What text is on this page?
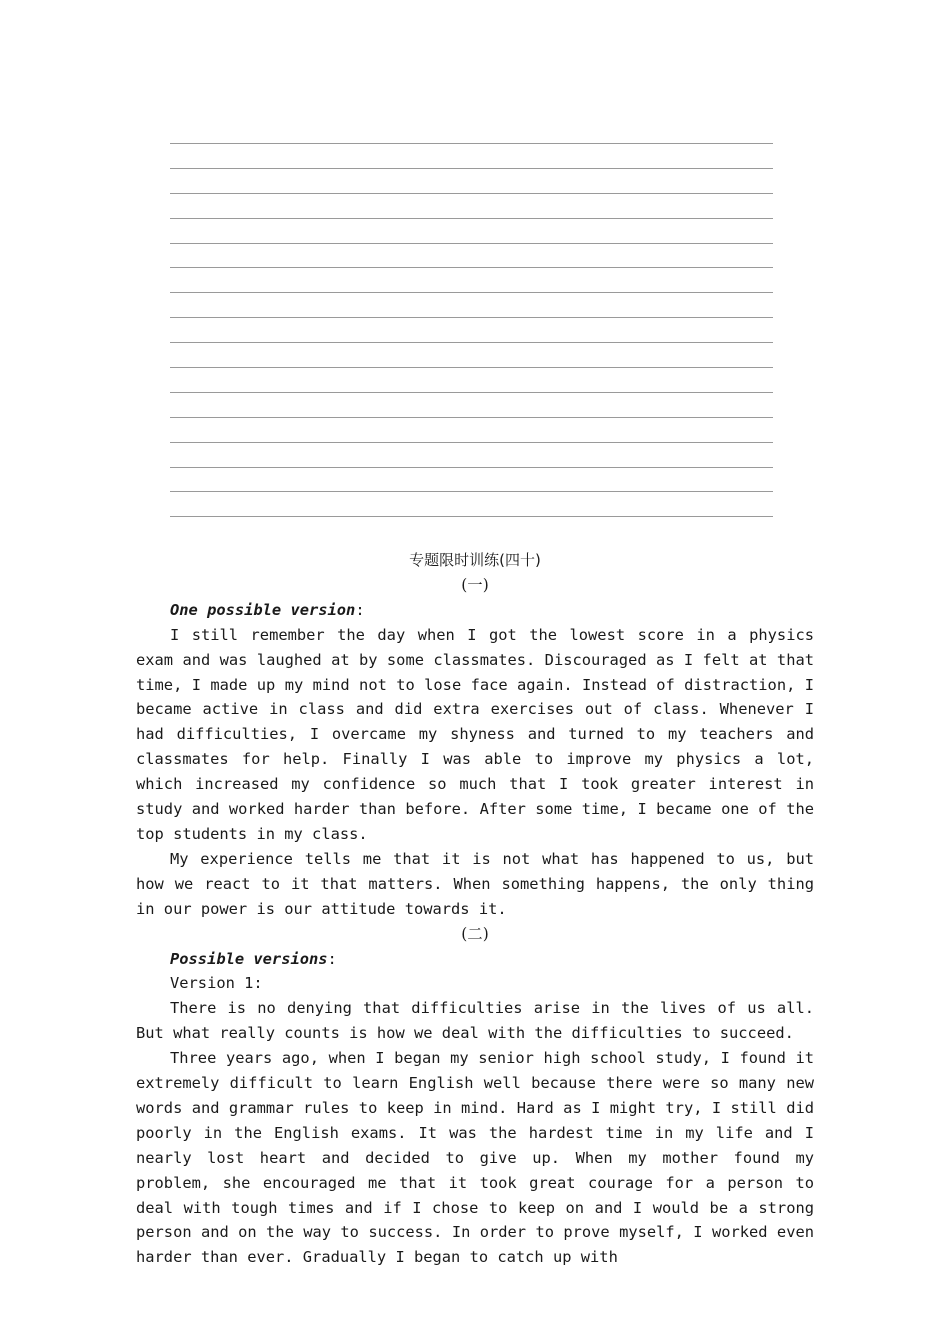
专题限时训练(四十)
(一)
One possible version:

I still remember the day when I got the lowest score in a physics exam and was laughed at by some classmates. Discouraged as I felt at that time, I made up my mind not to lose face again. Instead of distraction, I became active in class and did extra exercises out of class. Whenever I had difficulties, I overcame my shyness and turned to my teachers and classmates for help. Finally I was able to improve my physics a lot, which increased my confidence so much that I took greater interest in study and worked harder than before. After some time, I became one of the top students in my class.

My experience tells me that it is not what has happened to us, but how we react to it that matters. When something happens, the only thing in our power is our attitude towards it.

(二)
Possible versions:
Version 1:

There is no denying that difficulties arise in the lives of us all. But what really counts is how we deal with the difficulties to succeed.

Three years ago, when I began my senior high school study, I found it extremely difficult to learn English well because there were so many new words and grammar rules to keep in mind. Hard as I might try, I still did poorly in the English exams. It was the hardest time in my life and I nearly lost heart and decided to give up. When my mother found my problem, she encouraged me that it took great courage for a person to deal with tough times and if I chose to keep on and I would be a strong person and on the way to success. In order to prove myself, I worked even harder than ever. Gradually I began to catch up with
